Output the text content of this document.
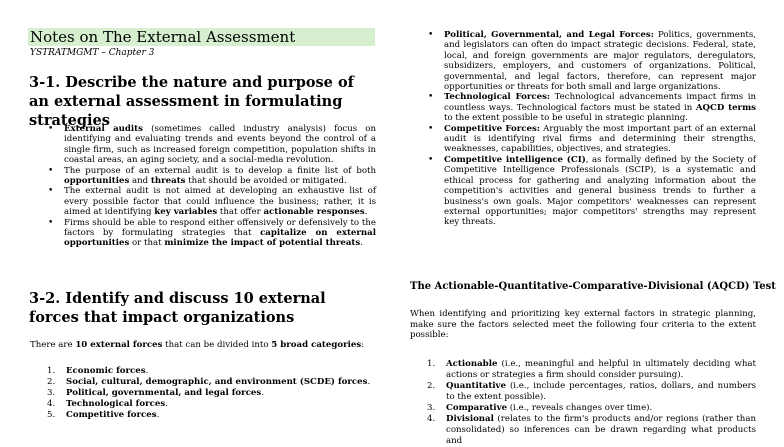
Notes on The External Assessment
YSTRATMGMT – Chapter 3
3-1. Describe the nature and purpose of an external assessment in formulating strategies
• External audits (sometimes called industry analysis) focus on identifying and evaluating trends and events beyond the control of a single firm, such as increased foreign competition, population shifts in coastal areas, an aging society, and a social-media revolution.
• The purpose of an external audit is to develop a finite list of both opportunities and threats that should be avoided or mitigated.
• The external audit is not aimed at developing an exhaustive list of every possible factor that could influence the business; rather, it is aimed at identifying key variables that offer actionable responses.
• Firms should be able to respond either offensively or defensively to the factors by formulating strategies that capitalize on external opportunities or that minimize the impact of potential threats.
3-2. Identify and discuss 10 external forces that impact organizations
There are 10 external forces that can be divided into 5 broad categories:
1. Economic forces.
2. Social, cultural, demographic, and environment (SCDE) forces.
3. Political, governmental, and legal forces.
4. Technological forces.
5. Competitive forces.
• Political, Governmental, and Legal Forces: Politics, governments, and legislators can often do impact strategic decisions. Federal, state, local, and foreign governments are major regulators, deregulators, subsidizers, employers, and customers of organizations. Political, governmental, and legal factors, therefore, can represent major opportunities or threats for both small and large organizations.
• Technological Forces: Technological advancements impact firms in countless ways. Technological factors must be stated in AQCD terms to the extent possible to be useful in strategic planning.
• Competitive Forces: Arguably the most important part of an external audit is identifying rival firms and determining their strengths, weaknesses, capabilities, objectives, and strategies.
• Competitive intelligence (CI), as formally defined by the Society of Competitive Intelligence Professionals (SCIP), is a systematic and ethical process for gathering and analyzing information about the competition's activities and general business trends to further a business's own goals. Major competitors' weaknesses can represent external opportunities; major competitors' strengths may represent key threats.
The Actionable-Quantitative-Comparative-Divisional (AQCD) Test
When identifying and prioritizing key external factors in strategic planning, make sure the factors selected meet the following four criteria to the extent possible:
1. Actionable (i.e., meaningful and helpful in ultimately deciding what actions or strategies a firm should consider pursuing).
2. Quantitative (i.e., include percentages, ratios, dollars, and numbers to the extent possible).
3. Comparative (i.e., reveals changes over time).
4. Divisional (relates to the firm's products and/or regions (rather than consolidated) so inferences can be drawn regarding what products and
